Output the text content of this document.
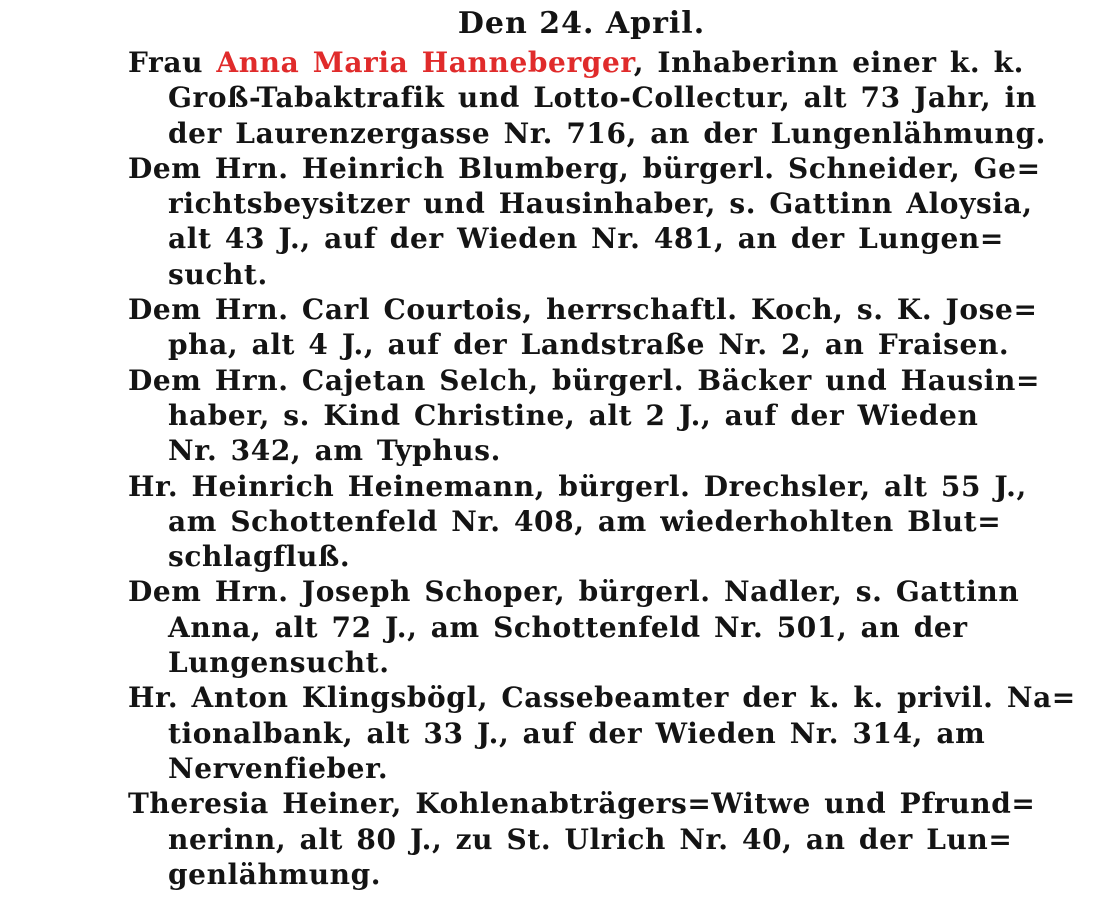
Den 24. April.

Frau Anna Maria Hanneberger, Inhaberinn einer k. k.
Groß-Tabaktrafik und Lotto-Collectur, alt 73 Jahr, in
der Laurenzergasse Nr. 716, an der Lungenlähmung.

Dem Hrn. Heinrich Blumberg, bürgerl. Schneider, Ge=
richtsbeysitzer und Hausinhaber, s. Gattinn Aloysia,
alt 43 J., auf der Wieden Nr. 481, an der Lungen=
sucht.

Dem Hrn. Carl Courtois, herrschaftl. Koch, s. K. Jose=
pha, alt 4 J., auf der Landstraße Nr. 2, an Fraisen.

Dem Hrn. Cajetan Selch, bürgerl. Bäcker und Hausin=
haber, s. Kind Christine, alt 2 J., auf der Wieden
Nr. 342, am Typhus.

Hr. Heinrich Heinemann, bürgerl. Drechsler, alt 55 J.,
am Schottenfeld Nr. 408, am wiederhohlten Blut=
schlagfluß.

Dem Hrn. Joseph Schoper, bürgerl. Nadler, s. Gattinn
Anna, alt 72 J., am Schottenfeld Nr. 501, an der
Lungensucht.

Hr. Anton Klingsbögl, Cassebeamter der k. k. privil. Na=
tionalbank, alt 33 J., auf der Wieden Nr. 314, am
Nervenfieber.

Theresia Heiner, Kohlenabträgers=Witwe und Pfrund=
nerinn, alt 80 J., zu St. Ulrich Nr. 40, an der Lun=
genlähmung.
